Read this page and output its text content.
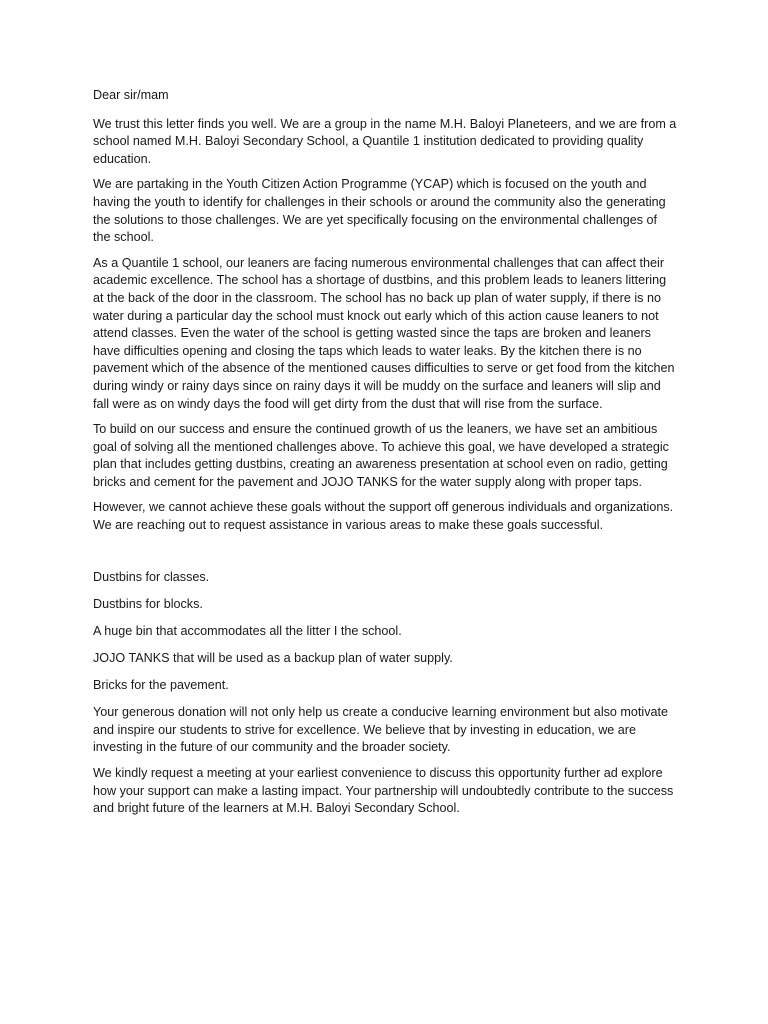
Dear sir/mam

We trust this letter finds you well. We are a group in the name M.H. Baloyi Planeteers, and we are from a school named M.H. Baloyi Secondary School, a Quantile 1 institution dedicated to providing quality education.

We are partaking in the Youth Citizen Action Programme (YCAP) which is focused on the youth and having the youth to identify for challenges in their schools or around the community also the generating the solutions to those challenges. We are yet specifically focusing on the environmental challenges of the school.

As a Quantile 1 school, our leaners are facing numerous environmental challenges that can affect their academic excellence. The school has a shortage of dustbins, and this problem leads to leaners littering at the back of the door in the classroom. The school has no back up plan of water supply, if there is no water during a particular day the school must knock out early which of this action cause leaners to not attend classes. Even the water of the school is getting wasted since the taps are broken and leaners have difficulties opening and closing the taps which leads to water leaks. By the kitchen there is no pavement which of the absence of the mentioned causes difficulties to serve or get food from the kitchen during windy or rainy days since on rainy days it will be muddy on the surface and leaners will slip and fall were as on windy days the food will get dirty from the dust that will rise from the surface.

To build on our success and ensure the continued growth of us the leaners, we have set an ambitious goal of solving all the mentioned challenges above. To achieve this goal, we have developed a strategic plan that includes getting dustbins, creating an awareness presentation at school even on radio, getting bricks and cement for the pavement and JOJO TANKS for the water supply along with proper taps.

However, we cannot achieve these goals without the support off generous individuals and organizations. We are reaching out to request assistance in various areas to make these goals successful.

Dustbins for classes.

Dustbins for blocks.

A huge bin that accommodates all the litter I the school.

JOJO TANKS that will be used as a backup plan of water supply.

Bricks for the pavement.

Your generous donation will not only help us create a conducive learning environment but also motivate and inspire our students to strive for excellence. We believe that by investing in education, we are investing in the future of our community and the broader society.

We kindly request a meeting at your earliest convenience to discuss this opportunity further ad explore how your support can make a lasting impact. Your partnership will undoubtedly contribute to the success and bright future of the learners at M.H. Baloyi Secondary School.
